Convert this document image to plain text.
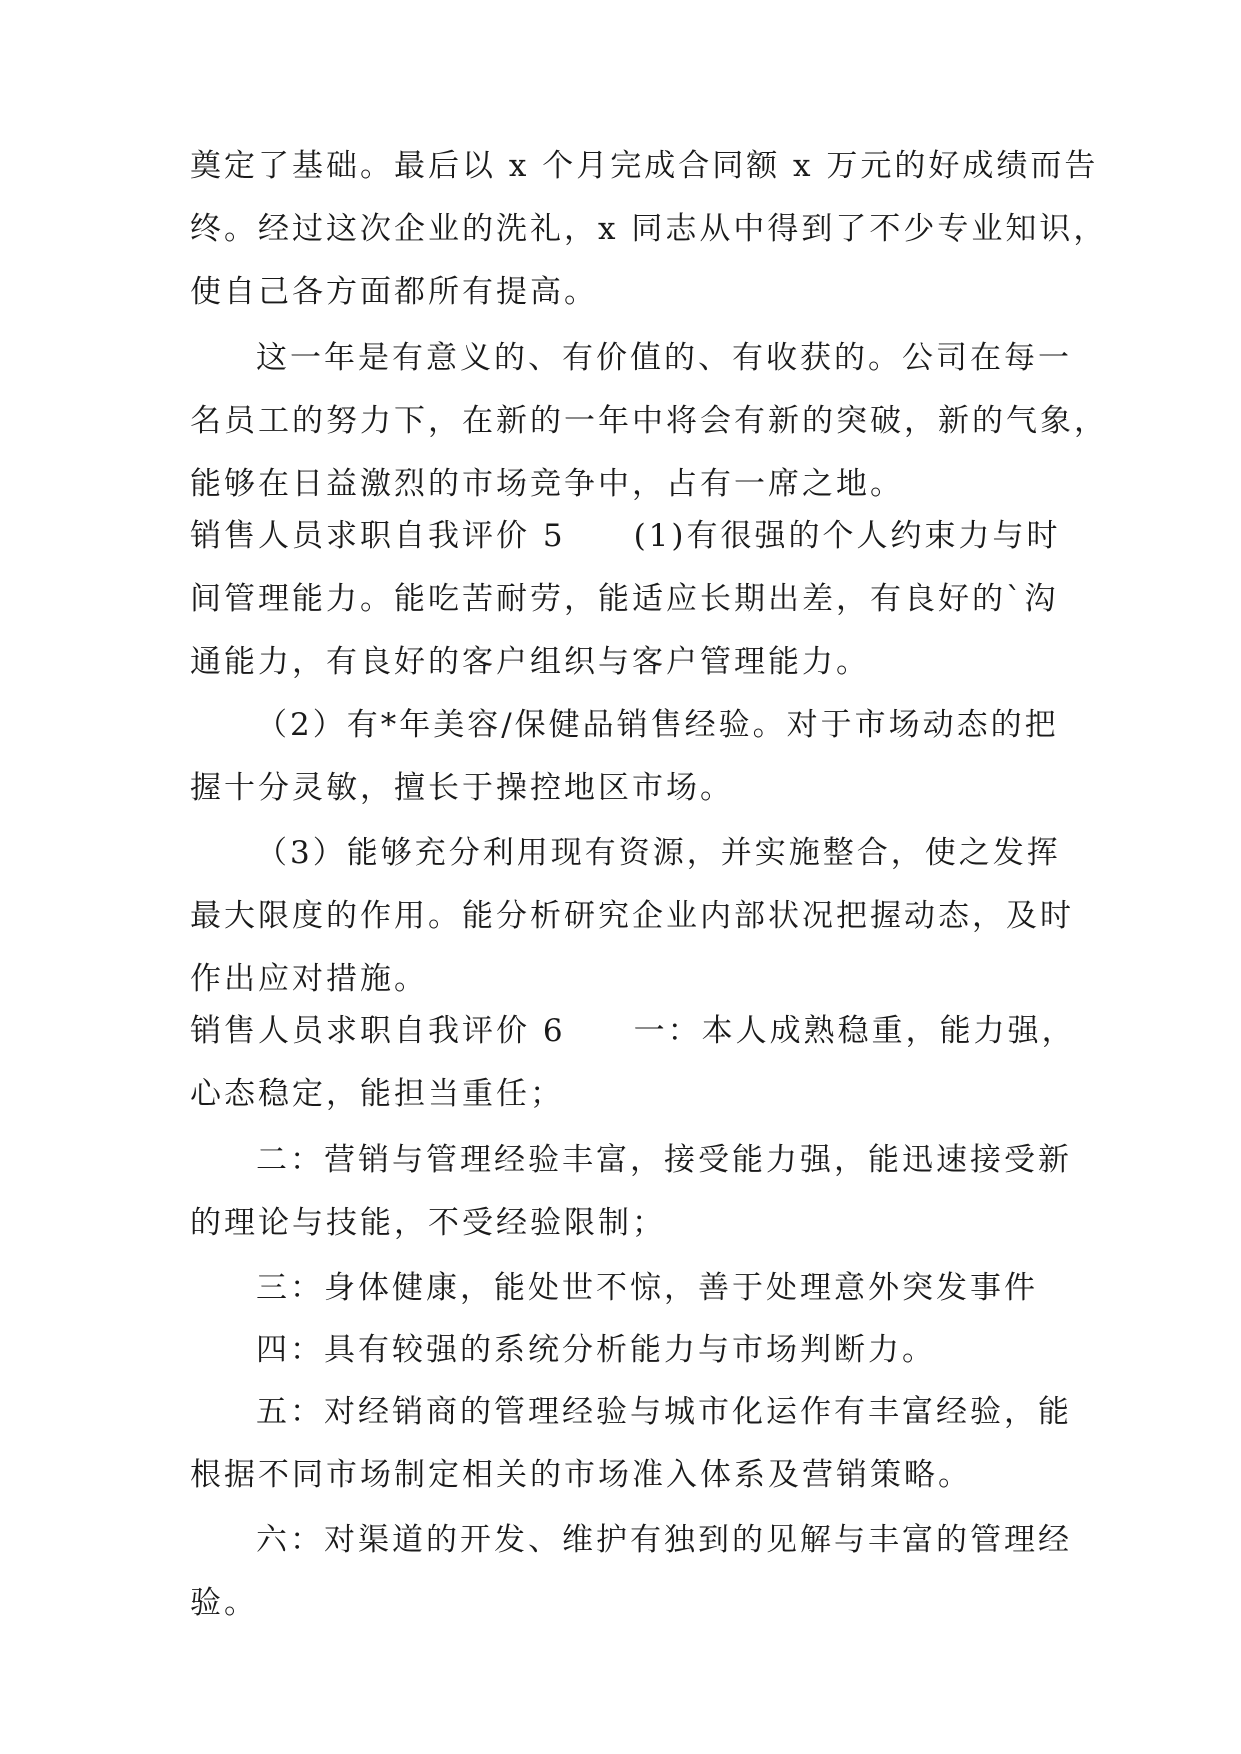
奠定了基础。最后以 x 个月完成合同额 x 万元的好成绩而告
终。经过这次企业的洗礼，x 同志从中得到了不少专业知识，
使自己各方面都所有提高。
这一年是有意义的、有价值的、有收获的。公司在每一
名员工的努力下，在新的一年中将会有新的突破，新的气象，
能够在日益激烈的市场竞争中，占有一席之地。
销售人员求职自我评价 5　　(1)有很强的个人约束力与时
间管理能力。能吃苦耐劳，能适应长期出差，有良好的`沟
通能力，有良好的客户组织与客户管理能力。
（2）有*年美容/保健品销售经验。对于市场动态的把
握十分灵敏，擅长于操控地区市场。
（3）能够充分利用现有资源，并实施整合，使之发挥
最大限度的作用。能分析研究企业内部状况把握动态，及时
作出应对措施。
销售人员求职自我评价 6　　一：本人成熟稳重，能力强，
心态稳定，能担当重任；
二：营销与管理经验丰富，接受能力强，能迅速接受新
的理论与技能，不受经验限制；
三：身体健康，能处世不惊，善于处理意外突发事件
四：具有较强的系统分析能力与市场判断力。
五：对经销商的管理经验与城市化运作有丰富经验，能
根据不同市场制定相关的市场准入体系及营销策略。
六：对渠道的开发、维护有独到的见解与丰富的管理经
验。
